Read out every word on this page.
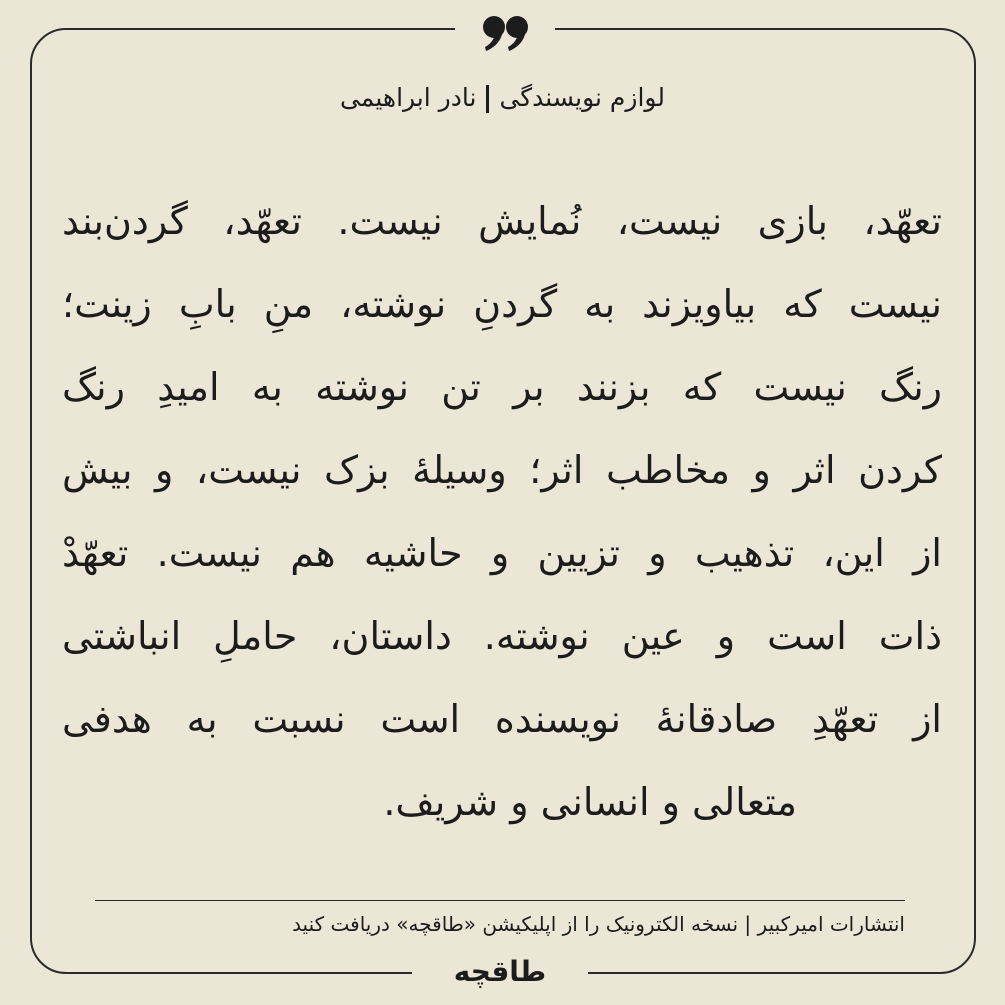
لوازم نویسندگینادر ابراهیمی
تعهّد، بازی نیست، نُمایش نیست. تعهّد، گردن‌بند
نیست که بیاویزند به گردنِ نوشته، منِ بابِ زینت؛
رنگ نیست که بزنند بر تن نوشته به امیدِ رنگ
کردن اثر و مخاطب اثر؛ وسیلهٔ بزک نیست، و بیش
از این، تذهیب و تزیین و حاشیه هم نیست. تعهّدْ
ذات است و عین نوشته. داستان، حاملِ انباشتی
از تعهّدِ صادقانهٔ نویسنده است نسبت به هدفی
متعالی و انسانی و شریف.
انتشارات امیرکبیر | نسخه الکترونیک را از اپلیکیشن «طاقچه» دریافت کنید
طاقچه
